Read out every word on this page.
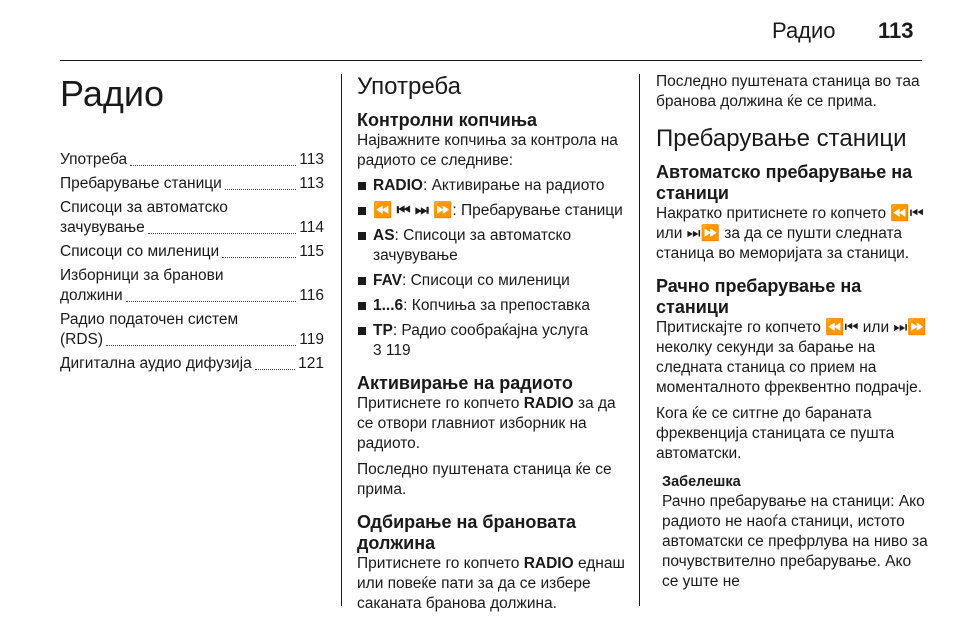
Радио 113
Радио
Употреба	113
Пребарување станици	113
Списоци за автоматско
зачувување	114
Списоци со миленици	115
Изборници за бранови
должини	116
Радио податочен систем
(RDS)	119
Дигитална аудио дифузија	121
Употреба
Контролни копчиња

Најважните копчиња за контрола на радиото се следниве:

RADIO: Активирање на радиото
⏪ ⏮ ⏭ ⏩: Пребарување станици
AS: Списоци за автоматско зачувување
FAV: Списоци со миленици
1...6: Копчиња за препоставка
TP: Радио сообраќајна услуга

3 119

Активирање на радиото

Притиснете го копчето RADIO за да се отвори главниот изборник на радиото.

Последно пуштената станица ќе се прима.

Одбирање на брановата должина

Притиснете го копчето RADIO еднаш или повеќе пати за да се избере саканата бранова должина.

Последно пуштената станица во таа бранова должина ќе се прима.

Пребарување станици
Автоматско пребарување на станици

Накратко притиснете го копчето ⏪⏮ или ⏭⏩ за да се пушти следната станица во меморијата за станици.

Рачно пребарување на станици

Притискајте го копчето ⏪⏮ или ⏭⏩ неколку секунди за барање на следната станица со прием на моменталното фреквентно подрачје.

Кога ќе се ситгне до бараната фреквенција станицата се пушта автоматски.

Забелешка

Рачно пребарување на станици: Ако радиото не наоѓа станици, истото автоматски се префрлува на ниво за почувствително пребарување. Ако се уште не
